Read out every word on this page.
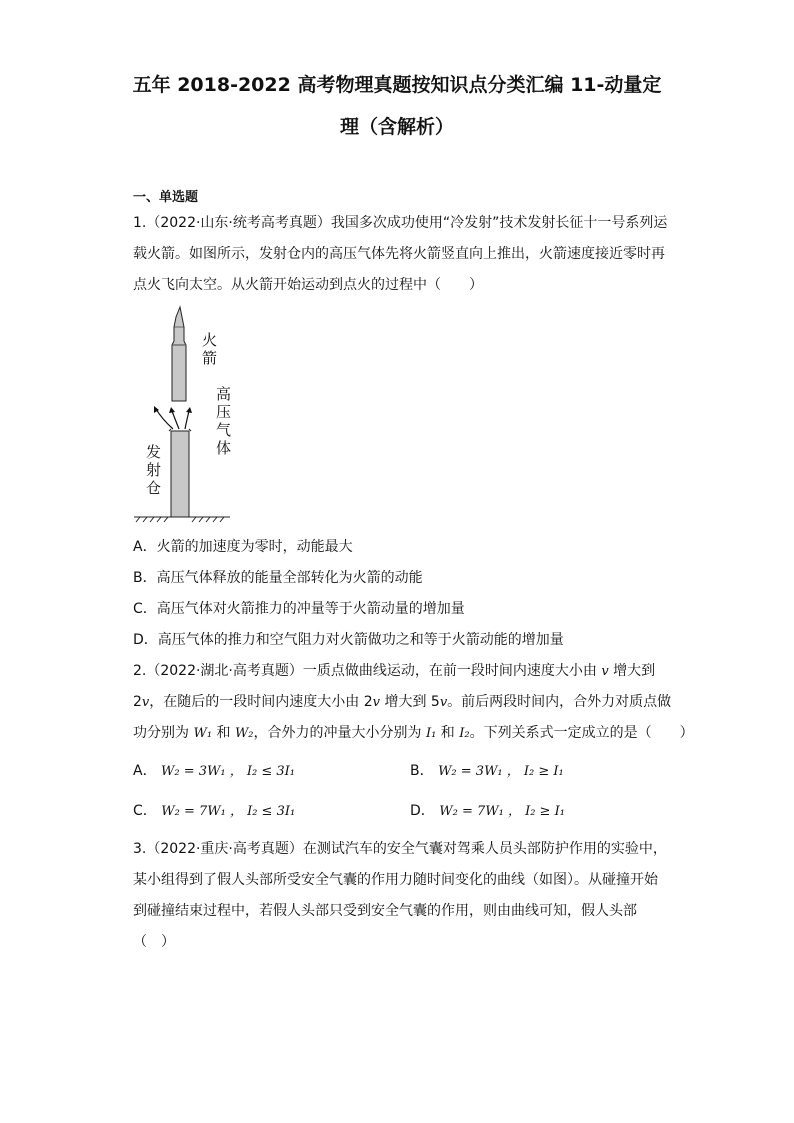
五年 2018-2022 高考物理真题按知识点分类汇编 11-动量定
理（含解析）
一、单选题
1.（2022·山东·统考高考真题）我国多次成功使用“冷发射”技术发射长征十一号系列运
载火箭。如图所示，发射仓内的高压气体先将火箭竖直向上推出，火箭速度接近零时再
点火飞向太空。从火箭开始运动到点火的过程中（　　）
火
箭
高
压
气
体
发
射
仓
A．火箭的加速度为零时，动能最大
B．高压气体释放的能量全部转化为火箭的动能
C．高压气体对火箭推力的冲量等于火箭动量的增加量
D．高压气体的推力和空气阻力对火箭做功之和等于火箭动能的增加量
2.（2022·湖北·高考真题）一质点做曲线运动，在前一段时间内速度大小由 v 增大到
2v，在随后的一段时间内速度大小由 2v 增大到 5v。前后两段时间内，合外力对质点做
功分别为 W₁ 和 W₂，合外力的冲量大小分别为 I₁ 和 I₂。下列关系式一定成立的是（　　）
A． W₂ = 3W₁ ， I₂ ≤ 3I₁	B． W₂ = 3W₁ ， I₂ ≥ I₁
C． W₂ = 7W₁ ， I₂ ≤ 3I₁	D． W₂ = 7W₁ ， I₂ ≥ I₁
3.（2022·重庆·高考真题）在测试汽车的安全气囊对驾乘人员头部防护作用的实验中，
某小组得到了假人头部所受安全气囊的作用力随时间变化的曲线（如图）。从碰撞开始
到碰撞结束过程中，若假人头部只受到安全气囊的作用，则由曲线可知，假人头部
（　）
